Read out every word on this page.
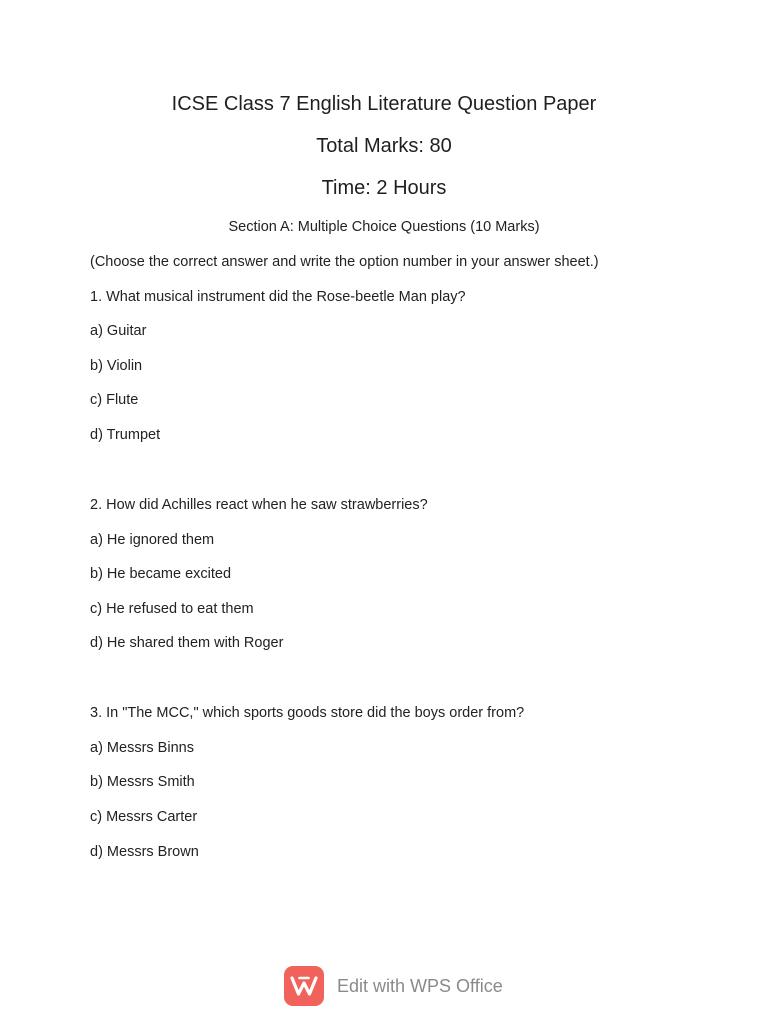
ICSE Class 7 English Literature Question Paper
Total Marks: 80
Time: 2 Hours
Section A: Multiple Choice Questions (10 Marks)
(Choose the correct answer and write the option number in your answer sheet.)
1. What musical instrument did the Rose-beetle Man play?
a) Guitar
b) Violin
c) Flute
d) Trumpet
2. How did Achilles react when he saw strawberries?
a) He ignored them
b) He became excited
c) He refused to eat them
d) He shared them with Roger
3. In "The MCC," which sports goods store did the boys order from?
a) Messrs Binns
b) Messrs Smith
c) Messrs Carter
d) Messrs Brown
Edit with WPS Office
